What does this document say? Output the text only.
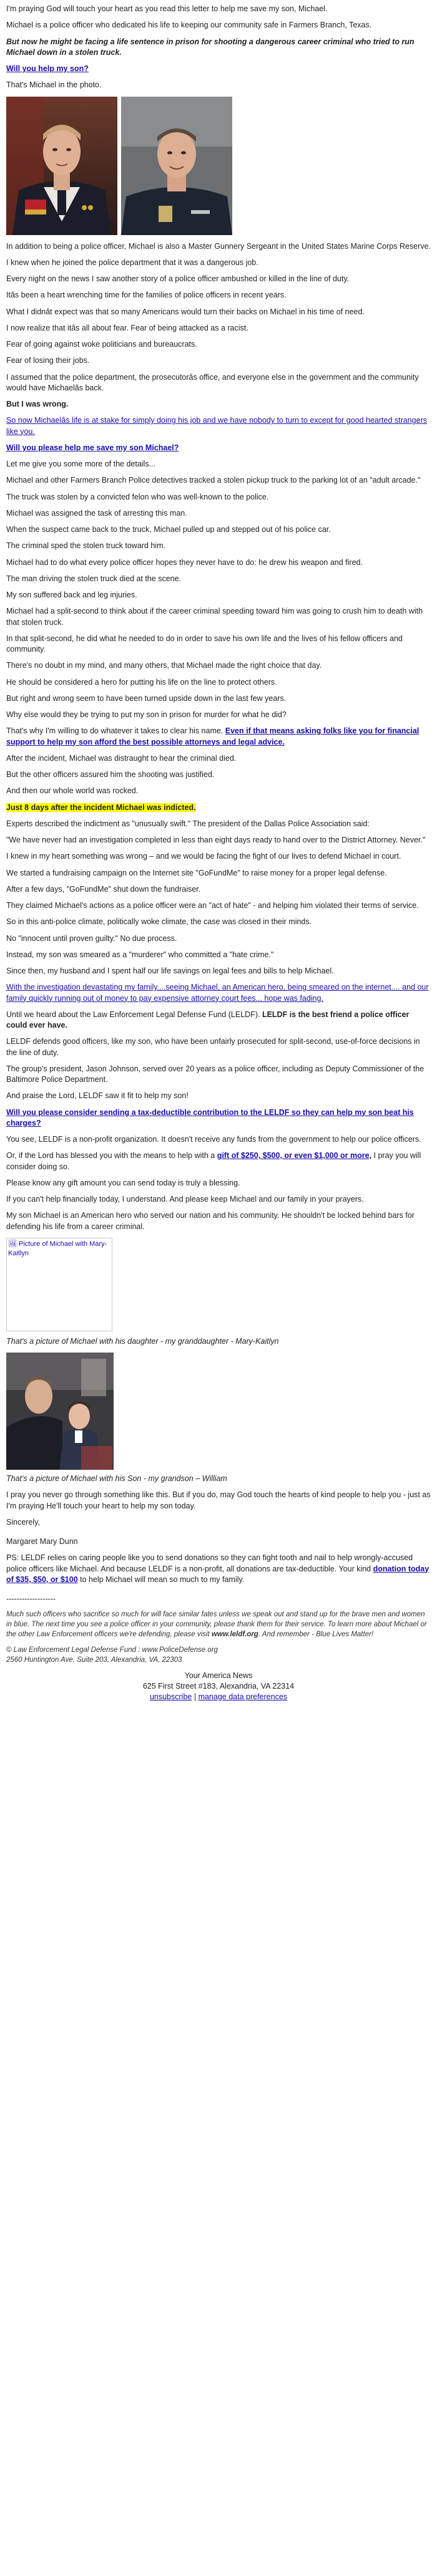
I'm praying God will touch your heart as you read this letter to help me save my son, Michael.

Michael is a police officer who dedicated his life to keeping our community safe in Farmers Branch, Texas.

But now he might be facing a life sentence in prison for shooting a dangerous career criminal who tried to run Michael down in a stolen truck.

Will you help my son?

That's Michael in the photo.

In addition to being a police officer, Michael is also a Master Gunnery Sergeant in the United States Marine Corps Reserve.

I knew when he joined the police department that it was a dangerous job.

Every night on the news I saw another story of a police officer ambushed or killed in the line of duty.

Itâs been a heart wrenching time for the families of police officers in recent years.

What I didnât expect was that so many Americans would turn their backs on Michael in his time of need.

I now realize that itâs all about fear. Fear of being attacked as a racist.

Fear of going against woke politicians and bureaucrats.

Fear of losing their jobs.

I assumed that the police department, the prosecutorâs office, and everyone else in the government and the community would have Michaelâs back.

But I was wrong.

So now Michaelâs life is at stake for simply doing his job and we have nobody to turn to except for good hearted strangers like you.

Will you please help me save my son Michael?

Let me give you some more of the details...

Michael and other Farmers Branch Police detectives tracked a stolen pickup truck to the parking lot of an "adult arcade."

The truck was stolen by a convicted felon who was well-known to the police.

Michael was assigned the task of arresting this man.

When the suspect came back to the truck, Michael pulled up and stepped out of his police car.

The criminal sped the stolen truck toward him.

Michael had to do what every police officer hopes they never have to do: he drew his weapon and fired.

The man driving the stolen truck died at the scene.

My son suffered back and leg injuries.

Michael had a split-second to think about if the career criminal speeding toward him was going to crush him to death with that stolen truck.

In that split-second, he did what he needed to do in order to save his own life and the lives of his fellow officers and community.

There's no doubt in my mind, and many others, that Michael made the right choice that day.

He should be considered a hero for putting his life on the line to protect others.

But right and wrong seem to have been turned upside down in the last few years.

Why else would they be trying to put my son in prison for murder for what he did?

That's why I'm willing to do whatever it takes to clear his name. Even if that means asking folks like you for financial support to help my son afford the best possible attorneys and legal advice.

After the incident, Michael was distraught to hear the criminal died.

But the other officers assured him the shooting was justified.

And then our whole world was rocked.

Just 8 days after the incident Michael was indicted.

Experts described the indictment as "unusually swift." The president of the Dallas Police Association said:

"We have never had an investigation completed in less than eight days ready to hand over to the District Attorney. Never."

I knew in my heart something was wrong – and we would be facing the fight of our lives to defend Michael in court.

We started a fundraising campaign on the Internet site "GoFundMe" to raise money for a proper legal defense.

After a few days, "GoFundMe" shut down the fundraiser.

They claimed Michael's actions as a police officer were an "act of hate" - and helping him violated their terms of service.

So in this anti-police climate, politically woke climate, the case was closed in their minds.

No "innocent until proven guilty." No due process.

Instead, my son was smeared as a "murderer" who committed a "hate crime."

Since then, my husband and I spent half our life savings on legal fees and bills to help Michael.

With the investigation devastating my family....seeing Michael, an American hero, being smeared on the internet.... and our family quickly running out of money to pay expensive attorney court fees... hope was fading.

Until we heard about the Law Enforcement Legal Defense Fund (LELDF). LELDF is the best friend a police officer could ever have.

LELDF defends good officers, like my son, who have been unfairly prosecuted for split-second, use-of-force decisions in the line of duty.

The group's president, Jason Johnson, served over 20 years as a police officer, including as Deputy Commissioner of the Baltimore Police Department.

And praise the Lord, LELDF saw it fit to help my son!

Will you please consider sending a tax-deductible contribution to the LELDF so they can help my son beat his charges?

You see, LELDF is a non-profit organization. It doesn't receive any funds from the government to help our police officers.

Or, if the Lord has blessed you with the means to help with a gift of $250, $500, or even $1,000 or more, I pray you will consider doing so.

Please know any gift amount you can send today is truly a blessing.

If you can't help financially today, I understand. And please keep Michael and our family in your prayers.

My son Michael is an American hero who served our nation and his community. He shouldn't be locked behind bars for defending his life from a career criminal.

🖼 Picture of Michael with Mary-Kaitlyn

That's a picture of Michael with his daughter - my granddaughter - Mary-Kaitlyn

That's a picture of Michael with his Son - my grandson – William

I pray you never go through something like this. But if you do, may God touch the hearts of kind people to help you - just as I'm praying He'll touch your heart to help my son today.

Sincerely,

Margaret Mary Dunn

PS: LELDF relies on caring people like you to send donations so they can fight tooth and nail to help wrongly-accused police officers like Michael. And because LELDF is a non-profit, all donations are tax-deductible. Your kind donation today of $35, $50, or $100 to help Michael will mean so much to my family.

-------------------

Much such officers who sacrifice so much for will face similar fates unless we speak out and stand up for the brave men and women in blue. The next time you see a police officer in your community, please thank them for their service. To learn more about Michael or the other Law Enforcement officers we're defending, please visit www.leldf.org. And remember - Blue Lives Matter!

© Law Enforcement Legal Defense Fund : www.PoliceDefense.org
2560 Huntington Ave. Suite 203, Alexandria, VA, 22303

Your America News
625 First Street #183, Alexandria, VA 22314
unsubscribe | manage data preferences
